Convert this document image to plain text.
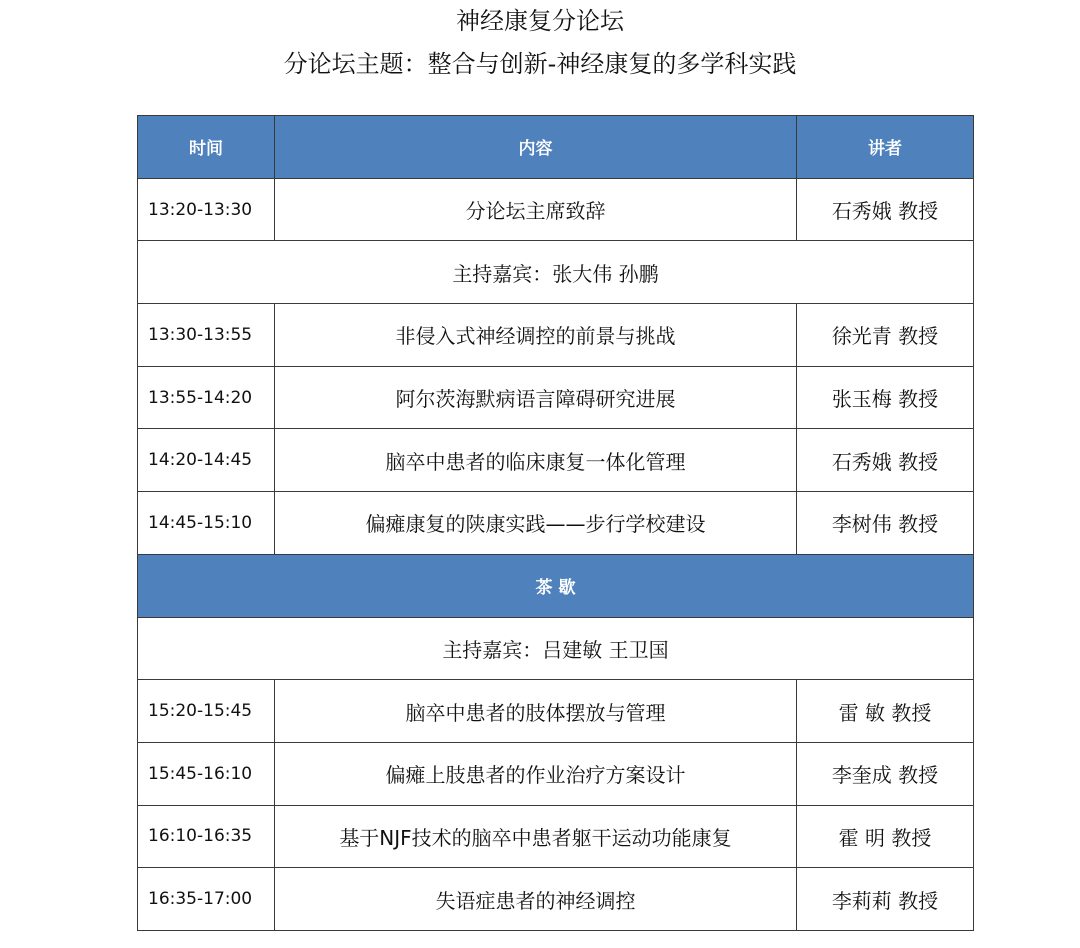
神经康复分论坛
分论坛主题：整合与创新-神经康复的多学科实践
时间	内容	讲者
13:20-13:30	分论坛主席致辞	石秀娥 教授
主持嘉宾：张大伟 孙鹏		
13:30-13:55	非侵入式神经调控的前景与挑战	徐光青 教授
13:55-14:20	阿尔茨海默病语言障碍研究进展	张玉梅 教授
14:20-14:45	脑卒中患者的临床康复一体化管理	石秀娥 教授
14:45-15:10	偏瘫康复的陕康实践——步行学校建设	李树伟 教授
茶 歇		
主持嘉宾：吕建敏 王卫国		
15:20-15:45	脑卒中患者的肢体摆放与管理	雷 敏 教授
15:45-16:10	偏瘫上肢患者的作业治疗方案设计	李奎成 教授
16:10-16:35	基于NJF技术的脑卒中患者躯干运动功能康复	霍 明 教授
16:35-17:00	失语症患者的神经调控	李莉莉 教授
